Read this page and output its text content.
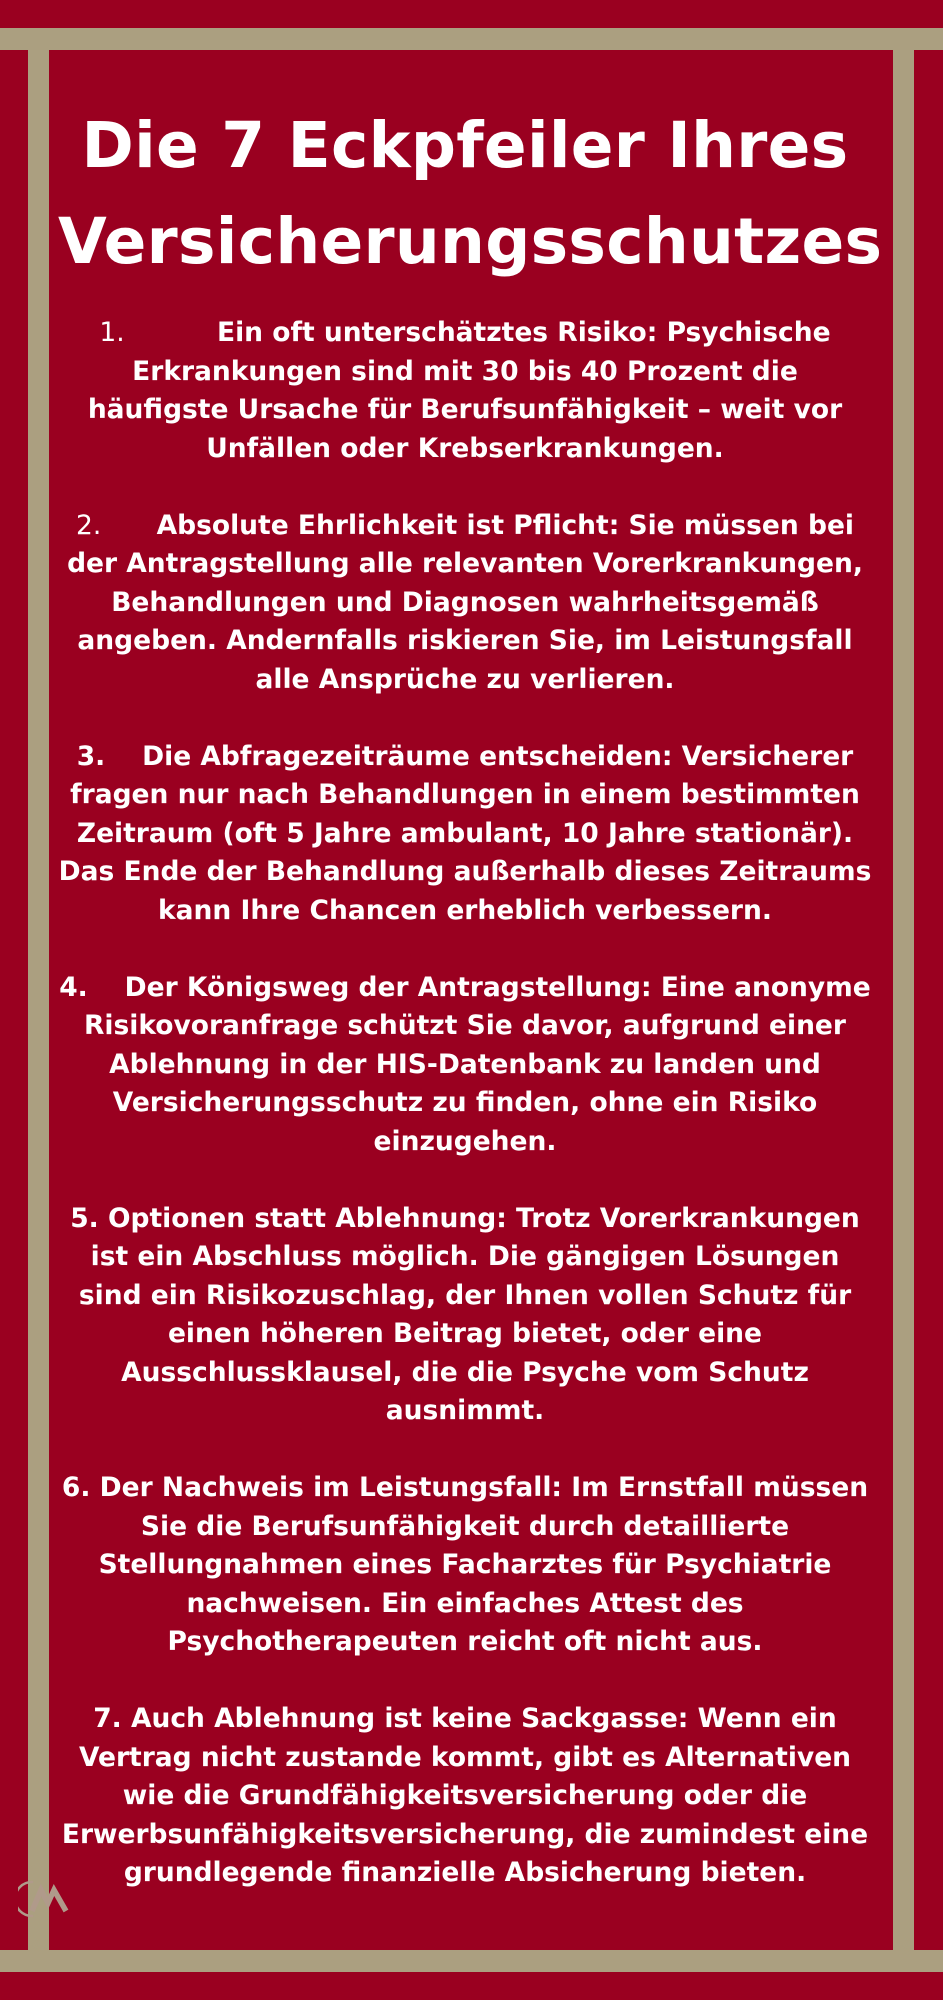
Die 7 Eckpfeiler Ihres Versicherungsschutzes

1.	Ein oft unterschätztes Risiko: Psychische Erkrankungen sind mit 30 bis 40 Prozent die häufigste Ursache für Berufsunfähigkeit – weit vor Unfällen oder Krebserkrankungen.

2. Absolute Ehrlichkeit ist Pflicht: Sie müssen bei der Antragstellung alle relevanten Vorerkrankungen, Behandlungen und Diagnosen wahrheitsgemäß angeben. Andernfalls riskieren Sie, im Leistungsfall alle Ansprüche zu verlieren.

3. Die Abfragezeiträume entscheiden: Versicherer fragen nur nach Behandlungen in einem bestimmten Zeitraum (oft 5 Jahre ambulant, 10 Jahre stationär). Das Ende der Behandlung außerhalb dieses Zeitraums kann Ihre Chancen erheblich verbessern.

4. Der Königsweg der Antragstellung: Eine anonyme Risikovoranfrage schützt Sie davor, aufgrund einer Ablehnung in der HIS-Datenbank zu landen und Versicherungsschutz zu finden, ohne ein Risiko einzugehen.

5. Optionen statt Ablehnung: Trotz Vorerkrankungen ist ein Abschluss möglich. Die gängigen Lösungen sind ein Risikozuschlag, der Ihnen vollen Schutz für einen höheren Beitrag bietet, oder eine Ausschlussklausel, die die Psyche vom Schutz ausnimmt.

6. Der Nachweis im Leistungsfall: Im Ernstfall müssen Sie die Berufsunfähigkeit durch detaillierte Stellungnahmen eines Facharztes für Psychiatrie nachweisen. Ein einfaches Attest des Psychotherapeuten reicht oft nicht aus.

7. Auch Ablehnung ist keine Sackgasse: Wenn ein Vertrag nicht zustande kommt, gibt es Alternativen wie die Grundfähigkeitsversicherung oder die Erwerbsunfähigkeitsversicherung, die zumindest eine grundlegende finanzielle Absicherung bieten.
